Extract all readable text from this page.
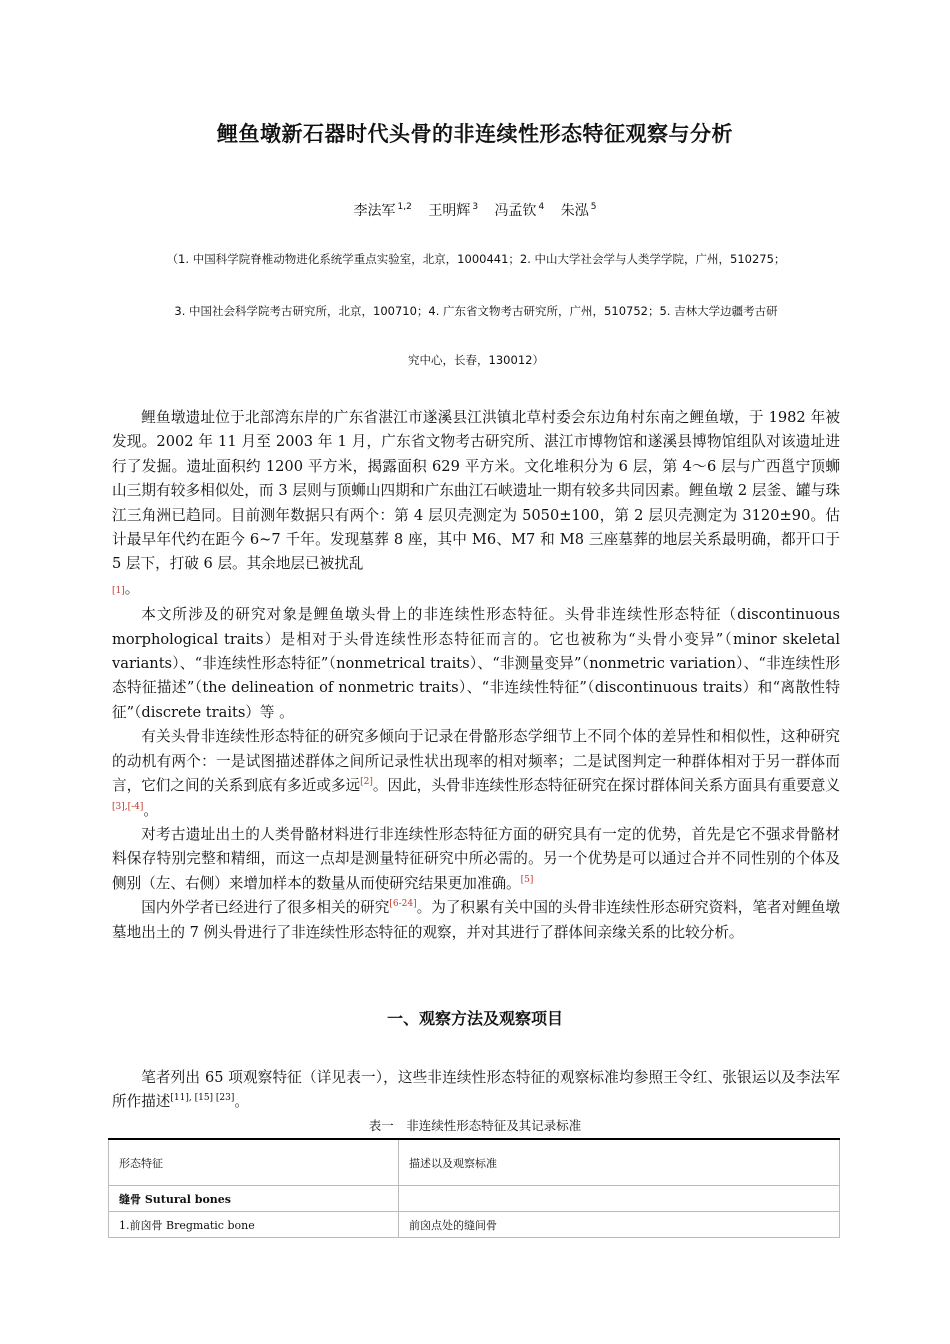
鲤鱼墩新石器时代头骨的非连续性形态特征观察与分析
李法军 $^{1,2}$ 王明辉 $^3$ 冯孟钦 $^4$ 朱泓 $^5$
（1. 中国科学院脊椎动物进化系统学重点实验室，北京，1000441；2. 中山大学社会学与人类学学院，广州，510275；
3. 中国社会科学院考古研究所，北京，100710；4. 广东省文物考古研究所，广州，510752；5. 吉林大学边疆考古研
究中心，长春，130012）

鲤鱼墩遗址位于北部湾东岸的广东省湛江市遂溪县江洪镇北草村委会东边角村东南之鲤鱼墩，于 1982 年被发现。2002 年 11 月至 2003 年 1 月，广东省文物考古研究所、湛江市博物馆和遂溪县博物馆组队对该遗址进行了发掘。遗址面积约 1200 平方米，揭露面积 629 平方米。文化堆积分为 6 层，第 4～6 层与广西邕宁顶蛳山三期有较多相似处，而 3 层则与顶蛳山四期和广东曲江石峡遗址一期有较多共同因素。鲤鱼墩 2 层釜、罐与珠江三角洲已趋同。目前测年数据只有两个：第 4 层贝壳测定为 5050±100，第 2 层贝壳测定为 3120±90。估计最早年代约在距今 6~7 千年。发现墓葬 8 座，其中 M6、M7 和 M8 三座墓葬的地层关系最明确，都开口于 5 层下，打破 6 层。其余地层已被扰乱
[1]。

本文所涉及的研究对象是鲤鱼墩头骨上的非连续性形态特征。头骨非连续性形态特征（discontinuous morphological traits）是相对于头骨连续性形态特征而言的。它也被称为“头骨小变异”（minor skeletal variants）、“非连续性形态特征”（nonmetrical traits）、“非测量变异”（nonmetric variation）、“非连续性形态特征描述”（the delineation of nonmetric traits）、“非连续性特征”（discontinuous traits）和“离散性特征”（discrete traits）等 。

有关头骨非连续性形态特征的研究多倾向于记录在骨骼形态学细节上不同个体的差异性和相似性，这种研究的动机有两个：一是试图描述群体之间所记录性状出现率的相对频率；二是试图判定一种群体相对于另一群体而言，它们之间的关系到底有多近或多远[2]。因此，头骨非连续性形态特征研究在探讨群体间关系方面具有重要意义[3],[-4]。

对考古遗址出土的人类骨骼材料进行非连续性形态特征方面的研究具有一定的优势，首先是它不强求骨骼材料保存特别完整和精细，而这一点却是测量特征研究中所必需的。另一个优势是可以通过合并不同性别的个体及侧别（左、右侧）来增加样本的数量从而使研究结果更加准确。[5]

国内外学者已经进行了很多相关的研究[6-24]。为了积累有关中国的头骨非连续性形态研究资料，笔者对鲤鱼墩墓地出土的 7 例头骨进行了非连续性形态特征的观察，并对其进行了群体间亲缘关系的比较分析。

一、观察方法及观察项目

笔者列出 65 项观察特征（详见表一），这些非连续性形态特征的观察标准均参照王令红、张银运以及李法军所作描述[11], [15] [23]。

表一　非连续性形态特征及其记录标准
形态特征	描述以及观察标准
缝骨 Sutural bones	
1.前囟骨 Bregmatic bone	前囟点处的缝间骨
